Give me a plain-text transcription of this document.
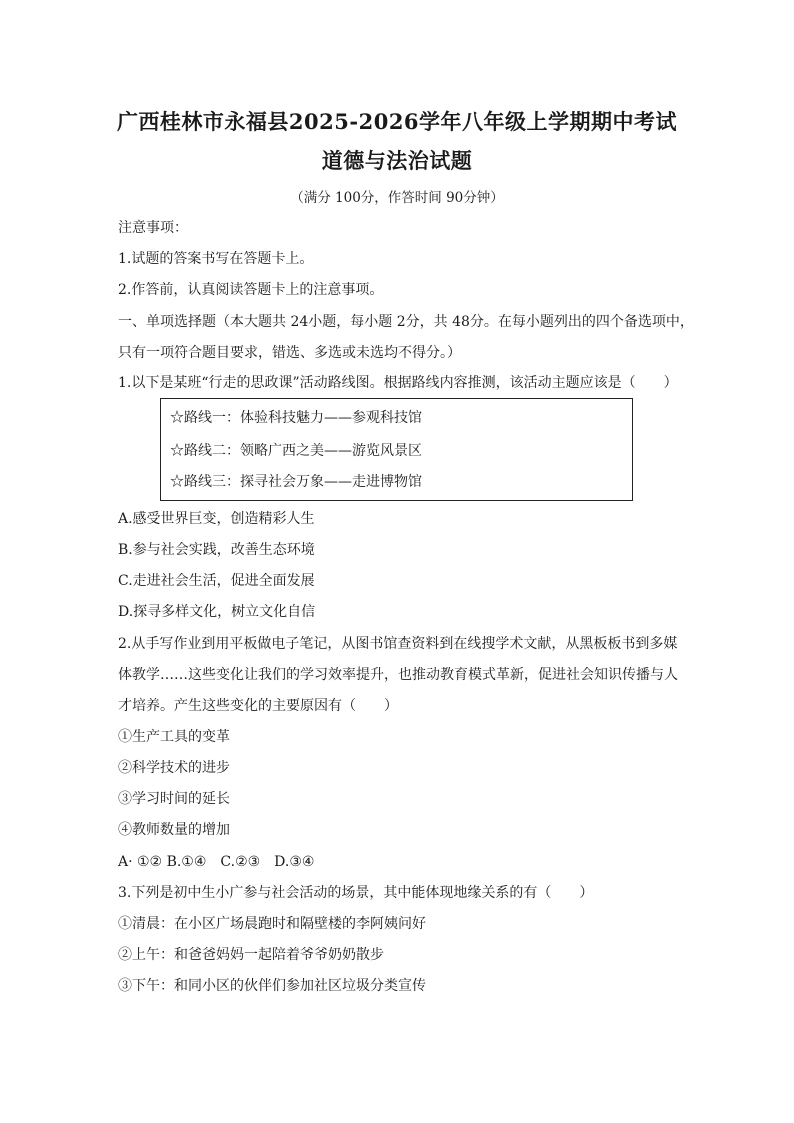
广西桂林市永福县2025-2026学年八年级上学期期中考试
道德与法治试题
（满分 100分，作答时间 90分钟）
注意事项：
1.试题的答案书写在答题卡上。
2.作答前，认真阅读答题卡上的注意事项。
一、单项选择题（本大题共 24小题，每小题 2分，共 48分。在每小题列出的四个备选项中，
只有一项符合题目要求，错选、多选或未选均不得分。）
1.以下是某班“行走的思政课”活动路线图。根据路线内容推测，该活动主题应该是（　　）
☆路线一：体验科技魅力——参观科技馆
☆路线二：领略广西之美——游览风景区
☆路线三：探寻社会万象——走进博物馆
A.感受世界巨变，创造精彩人生
B.参与社会实践，改善生态环境
C.走进社会生活，促进全面发展
D.探寻多样文化，树立文化自信
2.从手写作业到用平板做电子笔记，从图书馆查资料到在线搜学术文献，从黑板板书到多媒
体教学……这些变化让我们的学习效率提升，也推动教育模式革新，促进社会知识传播与人
才培养。产生这些变化的主要原因有（　　）
①生产工具的变革
②科学技术的进步
③学习时间的延长
④教师数量的增加
A· ①② B.①④　C.②③　D.③④
3.下列是初中生小广参与社会活动的场景，其中能体现地缘关系的有（　　）
①清晨：在小区广场晨跑时和隔壁楼的李阿姨问好
②上午：和爸爸妈妈一起陪着爷爷奶奶散步
③下午：和同小区的伙伴们参加社区垃圾分类宣传
